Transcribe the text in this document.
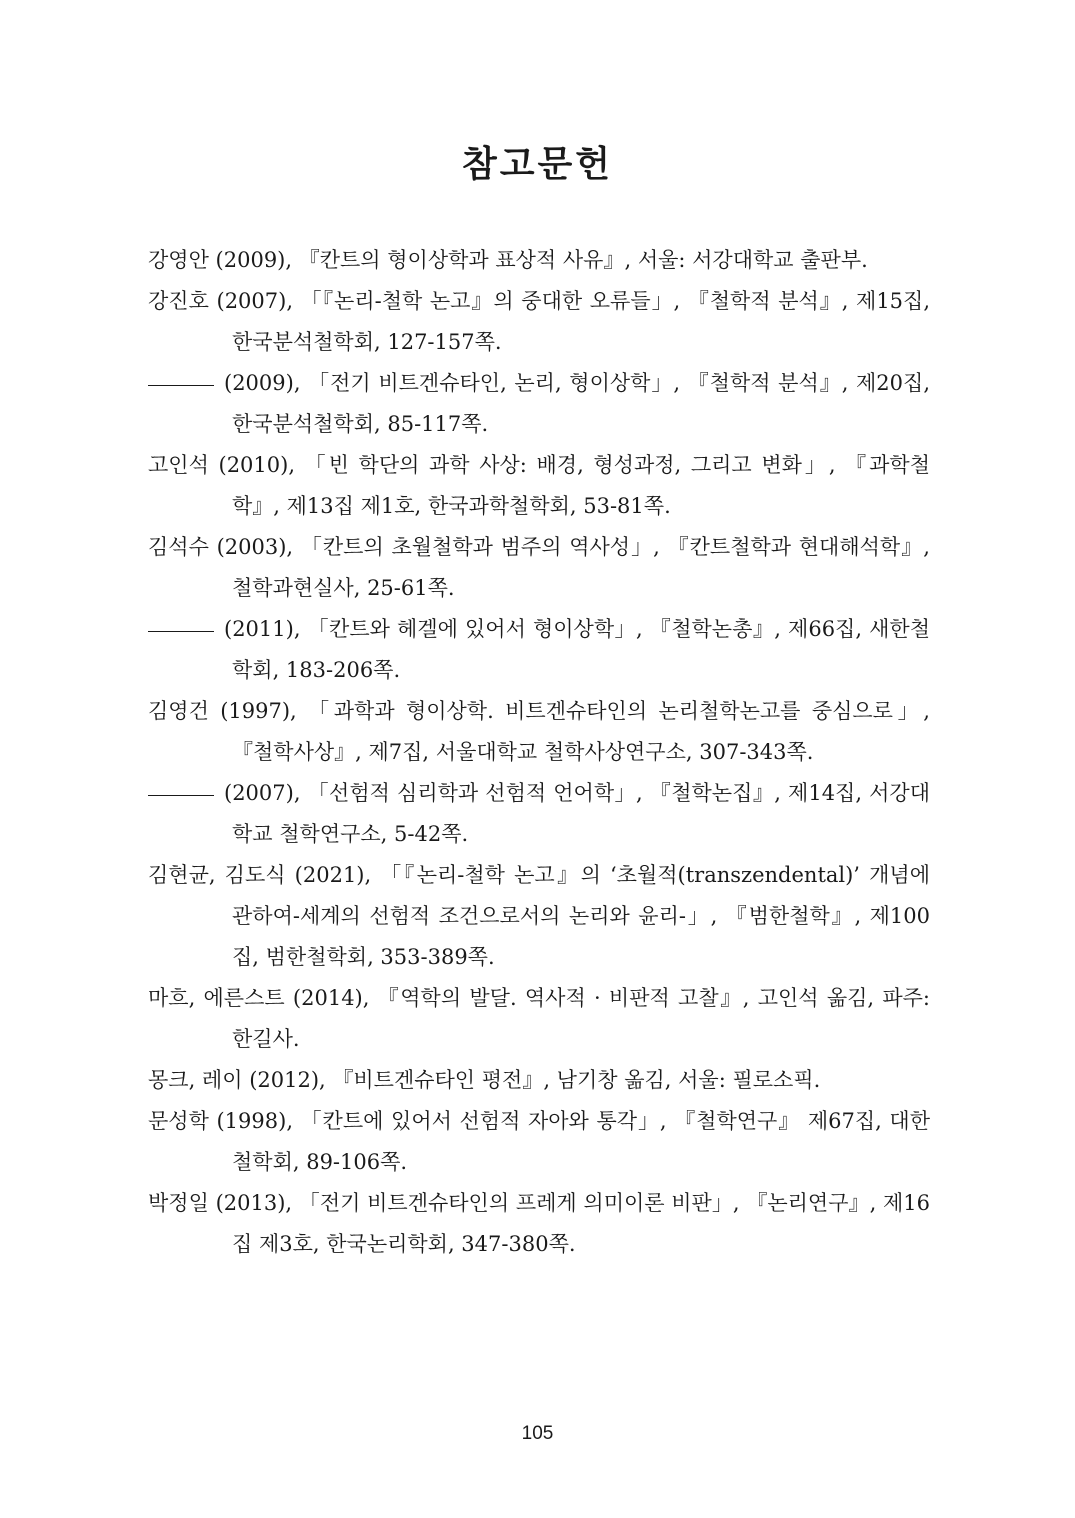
참고문헌
강영안 (2009), 『칸트의 형이상학과 표상적 사유』, 서울: 서강대학교 출판부.
강진호 (2007), 「『논리-철학 논고』의 중대한 오류들」, 『철학적 분석』, 제15집, 한국분석철학회, 127-157쪽.
(2009), 「전기 비트겐슈타인, 논리, 형이상학」, 『철학적 분석』, 제20집, 한국분석철학회, 85-117쪽.
고인석 (2010), 「빈 학단의 과학 사상: 배경, 형성과정, 그리고 변화」, 『과학철학』, 제13집 제1호, 한국과학철학회, 53-81쪽.
김석수 (2003), 「칸트의 초월철학과 범주의 역사성」, 『칸트철학과 현대해석학』, 철학과현실사, 25-61쪽.
(2011), 「칸트와 헤겔에 있어서 형이상학」, 『철학논총』, 제66집, 새한철학회, 183-206쪽.
김영건 (1997), 「과학과 형이상학. 비트겐슈타인의 논리철학논고를 중심으로」, 『철학사상』, 제7집, 서울대학교 철학사상연구소, 307-343쪽.
(2007), 「선험적 심리학과 선험적 언어학」, 『철학논집』, 제14집, 서강대학교 철학연구소, 5-42쪽.
김현균, 김도식 (2021), 「『논리-철학 논고』의 ‘초월적(transzendental)’ 개념에 관하여-세계의 선험적 조건으로서의 논리와 윤리-」, 『범한철학』, 제100집, 범한철학회, 353-389쪽.
마흐, 에른스트 (2014), 『역학의 발달. 역사적 · 비판적 고찰』, 고인석 옮김, 파주: 한길사.
몽크, 레이 (2012), 『비트겐슈타인 평전』, 남기창 옮김, 서울: 필로소픽.
문성학 (1998), 「칸트에 있어서 선험적 자아와 통각」, 『철학연구』 제67집, 대한철학회, 89-106쪽.
박정일 (2013), 「전기 비트겐슈타인의 프레게 의미이론 비판」, 『논리연구』, 제16집 제3호, 한국논리학회, 347-380쪽.
105
